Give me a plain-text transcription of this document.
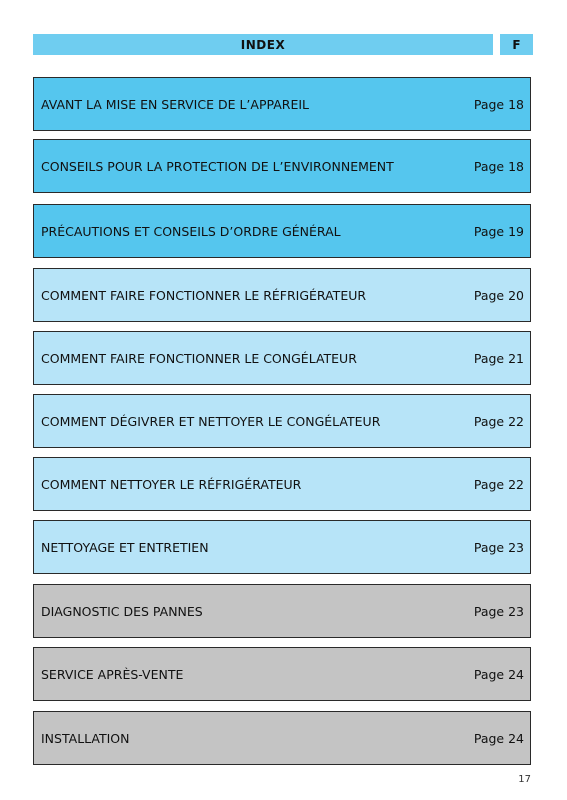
INDEX	F
AVANT LA MISE EN SERVICE DE L’APPAREIL	Page 18
CONSEILS POUR LA PROTECTION DE L’ENVIRONNEMENT	Page 18
PRÉCAUTIONS ET CONSEILS D’ORDRE GÉNÉRAL	Page 19
COMMENT FAIRE FONCTIONNER LE RÉFRIGÉRATEUR	Page 20
COMMENT FAIRE FONCTIONNER LE CONGÉLATEUR	Page 21
COMMENT DÉGIVRER ET NETTOYER LE CONGÉLATEUR	Page 22
COMMENT NETTOYER LE RÉFRIGÉRATEUR	Page 22
NETTOYAGE ET ENTRETIEN	Page 23
DIAGNOSTIC DES PANNES	Page 23
SERVICE APRÈS-VENTE	Page 24
INSTALLATION	Page 24
17
